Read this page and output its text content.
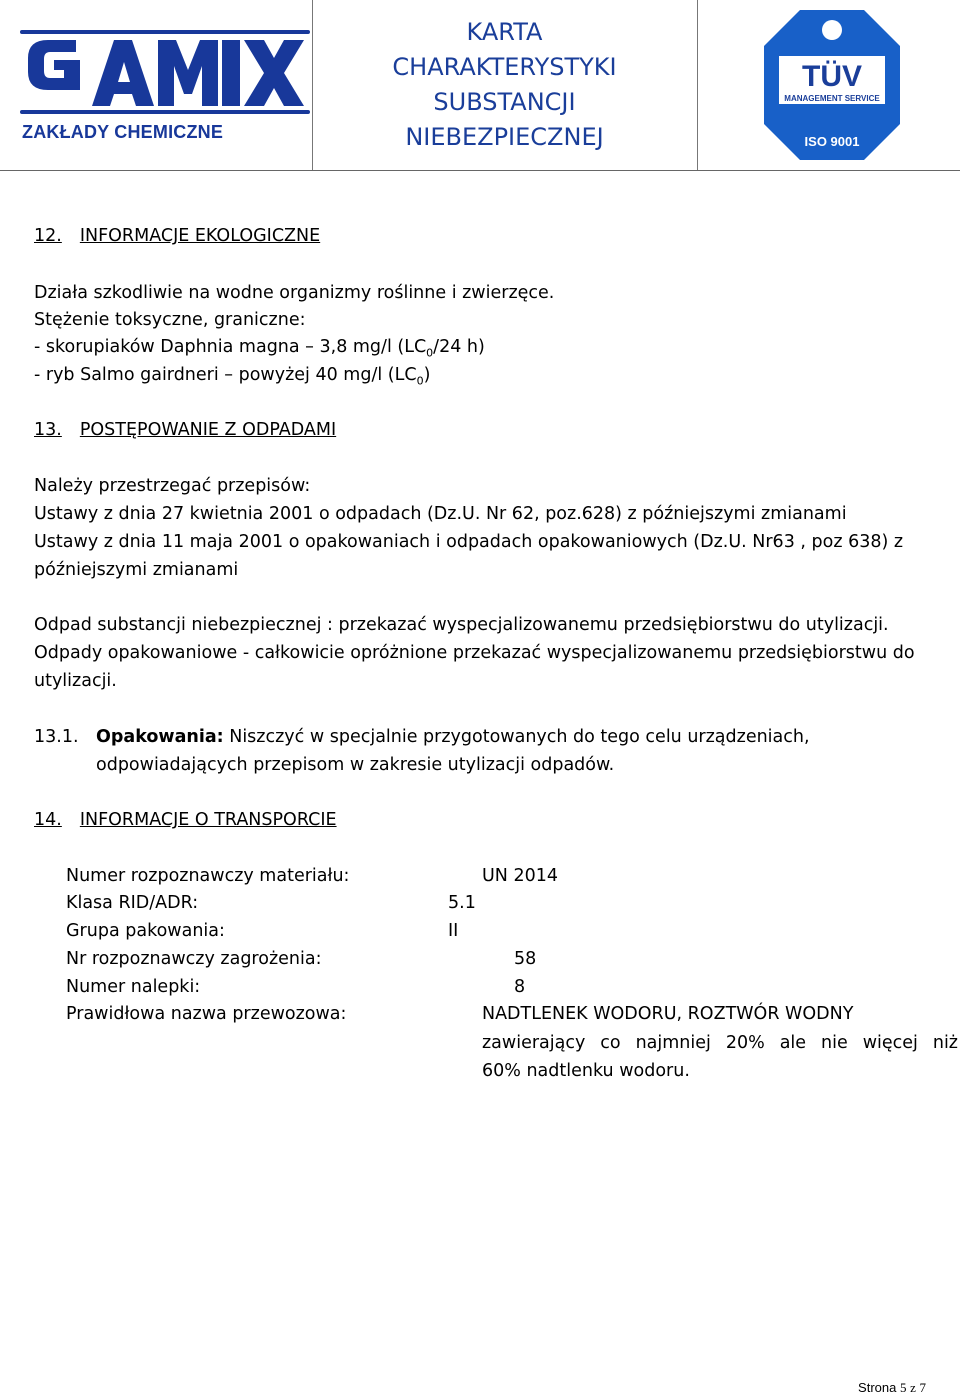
ZAKŁADY CHEMICZNE
KARTA
CHARAKTERYSTYKI
SUBSTANCJI
NIEBEZPIECZNEJ
TÜV
MANAGEMENT SERVICE
ISO 9001
12. INFORMACJE EKOLOGICZNE
Działa szkodliwie na wodne organizmy roślinne i zwierzęce.
Stężenie toksyczne, graniczne:
- skorupiaków Daphnia magna – 3,8 mg/l ($LC_0/24$ h)
- ryb Salmo gairdneri – powyżej 40 mg/l $(LC_0)$
13. POSTĘPOWANIE Z ODPADAMI
Należy przestrzegać przepisów:
Ustawy z dnia 27 kwietnia 2001 o odpadach (Dz.U. Nr 62, poz.628) z późniejszymi zmianami
Ustawy z dnia 11 maja 2001 o opakowaniach i odpadach opakowaniowych (Dz.U. Nr63 , poz 638) z
późniejszymi zmianami
Odpad substancji niebezpiecznej : przekazać wyspecjalizowanemu przedsiębiorstwu do utylizacji.
Odpady opakowaniowe - całkowicie opróżnione przekazać wyspecjalizowanemu przedsiębiorstwu do
utylizacji.
13.1. Opakowania: Niszczyć w specjalnie przygotowanych do tego celu urządzeniach,
odpowiadających przepisom w zakresie utylizacji odpadów.
14. INFORMACJE O TRANSPORCIE
Numer rozpoznawczy materiału:	UN 2014
Klasa RID/ADR:	5.1
Grupa pakowania:	II
Nr rozpoznawczy zagrożenia:	58
Numer nalepki:	8
Prawidłowa nazwa przewozowa:	NADTLENEK WODORU, ROZTWÓR WODNY
zawierający co najmniej 20% ale nie więcej niż
60% nadtlenku wodoru.
Strona 5 z 7
